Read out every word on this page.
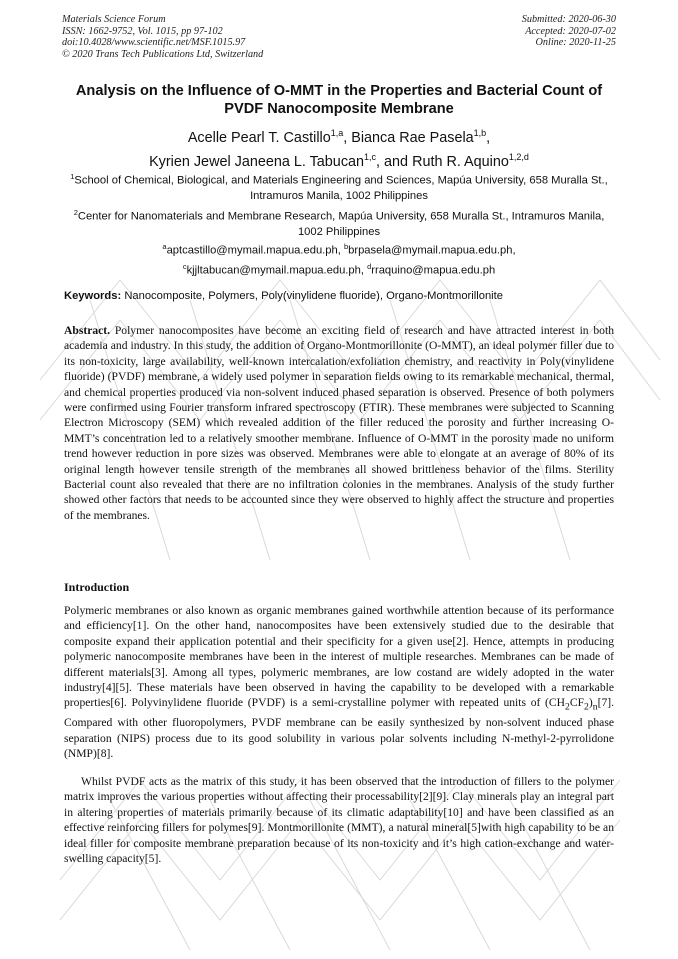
Materials Science Forum
ISSN: 1662-9752, Vol. 1015, pp 97-102
doi:10.4028/www.scientific.net/MSF.1015.97
© 2020 Trans Tech Publications Ltd, Switzerland
Submitted: 2020-06-30
Accepted: 2020-07-02
Online: 2020-11-25
Analysis on the Influence of O-MMT in the Properties and Bacterial Count of PVDF Nanocomposite Membrane
Acelle Pearl T. Castillo$^{1,a}$, Bianca Rae Pasela$^{1,b}$,
Kyrien Jewel Janeena L. Tabucan$^{1,c}$, and Ruth R. Aquino$^{1,2,d}$
$^1$School of Chemical, Biological, and Materials Engineering and Sciences, Mapúa University, 658 Muralla St., Intramuros Manila, 1002 Philippines
$^2$Center for Nanomaterials and Membrane Research, Mapúa University, 658 Muralla St., Intramuros Manila, 1002 Philippines
$^a$aptcastillo@mymail.mapua.edu.ph, $^b$brpasela@mymail.mapua.edu.ph,
$^c$kjjltabucan@mymail.mapua.edu.ph, $^d$rraquino@mapua.edu.ph
Keywords: Nanocomposite, Polymers, Poly(vinylidene fluoride), Organo-Montmorillonite

Abstract. Polymer nanocomposites have become an exciting field of research and have attracted interest in both academia and industry. In this study, the addition of Organo-Montmorillonite (O-MMT), an ideal polymer filler due to its non-toxicity, large availability, well-known intercalation/exfoliation chemistry, and reactivity in Poly(vinylidene fluoride) (PVDF) membrane, a widely used polymer in separation fields owing to its remarkable mechanical, thermal, and chemical properties produced via non-solvent induced phased separation is observed. Presence of both polymers were confirmed using Fourier transform infrared spectroscopy (FTIR). These membranes were subjected to Scanning Electron Microscopy (SEM) which revealed addition of the filler reduced the porosity and further increasing O-MMT’s concentration led to a relatively smoother membrane. Influence of O-MMT in the porosity made no uniform trend however reduction in pore sizes was observed. Membranes were able to elongate at an average of 80% of its original length however tensile strength of the membranes all showed brittleness behavior of the films. Sterility Bacterial count also revealed that there are no infiltration colonies in the membranes. Analysis of the study further showed other factors that needs to be accounted since they were observed to highly affect the structure and properties of the membranes.

Introduction

Polymeric membranes or also known as organic membranes gained worthwhile attention because of its performance and efficiency[1]. On the other hand, nanocomposites have been extensively studied due to the desirable that composite expand their application potential and their specificity for a given use[2]. Hence, attempts in producing polymeric nanocomposite membranes have been in the interest of multiple researches. Membranes can be made of different materials[3]. Among all types, polymeric membranes, are low costand are widely adopted in the water industry[4][5]. These materials have been observed in having the capability to be developed with a remarkable properties[6]. Polyvinylidene fluoride (PVDF) is a semi-crystalline polymer with repeated units of $(CH_2CF_2)_n[7]$. Compared with other fluoropolymers, PVDF membrane can be easily synthesized by non-solvent induced phase separation (NIPS) process due to its good solubility in various polar solvents including N-methyl-2-pyrrolidone (NMP)[8].

Whilst PVDF acts as the matrix of this study, it has been observed that the introduction of fillers to the polymer matrix improves the various properties without affecting their processability[2][9]. Clay minerals play an integral part in altering properties of materials primarily because of its climatic adaptability[10] and have been classified as an effective reinforcing fillers for polymes[9]. Montmorillonite (MMT), a natural mineral[5]with high capability to be an ideal filler for composite membrane preparation because of its non-toxicity and it’s high cation-exchange and water-swelling capacity[5].
